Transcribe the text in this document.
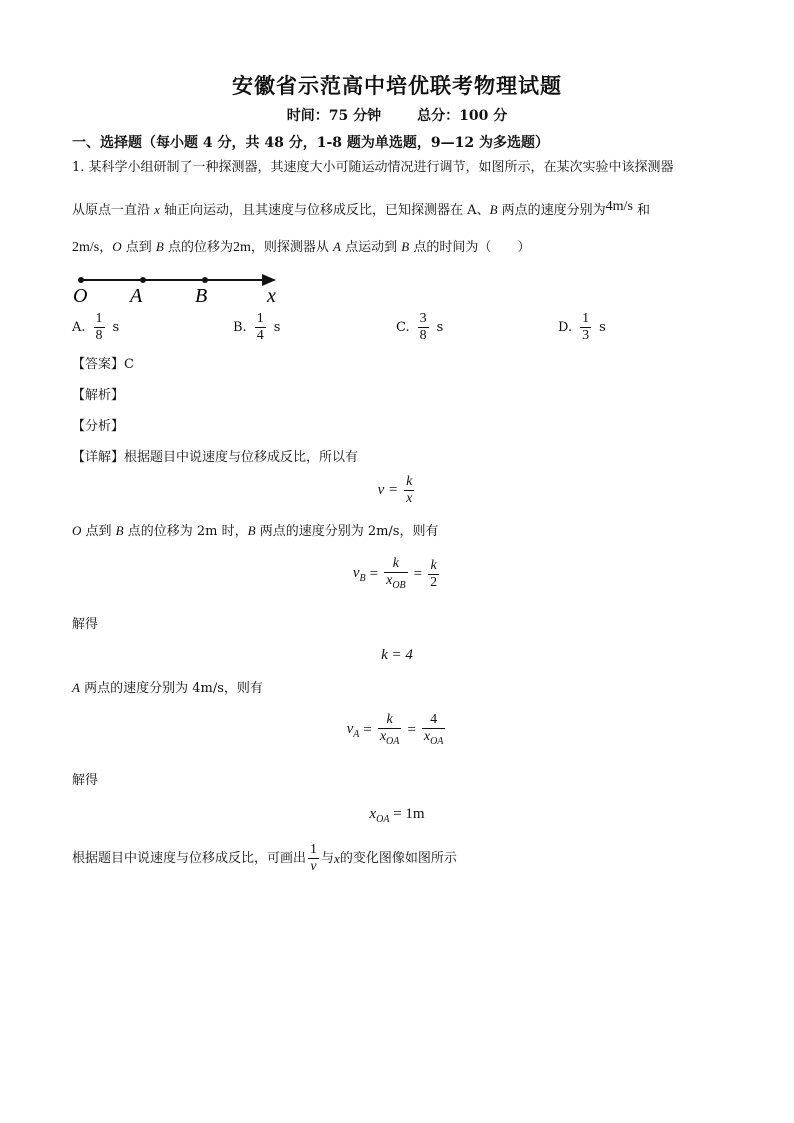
安徽省示范高中培优联考物理试题
时间：75 分钟	总分：100 分
一、选择题（每小题 4 分，共 48 分，1-8 题为单选题，9—12 为多选题）
1. 某科学小组研制了一种探测器，其速度大小可随运动情况进行调节，如图所示，在某次实验中该探测器
从原点一直沿 x 轴正向运动，且其速度与位移成反比，已知探测器在 A、B 两点的速度分别为4m/s 和
2m/s，O 点到 B 点的位移为2m，则探测器从 A 点运动到 B 点的时间为（　　）
O A	B	x
A. $\frac{1}{8}$ s	B. $\frac{1}{4}$ s	C. $\frac{3}{8}$ s	D. $\frac{1}{3}$ s
【答案】C
【解析】
【分析】
【详解】根据题目中说速度与位移成反比，所以有
$v = \frac{k}{x}$
O 点到 B 点的位移为 2m 时，B 两点的速度分别为 2m/s，则有
$v_B = \frac{k}{x_{OB}} = \frac{k}{2}$
解得
k = 4
A 两点的速度分别为 4m/s，则有
$v_A = \frac{k}{x_{OA}} = \frac{4}{x_{OA}}$
解得
$x_{OA} = 1m$
根据题目中说速度与位移成反比，可画出 $\frac{1}{v}$ 与 x 的变化图像如图所示
